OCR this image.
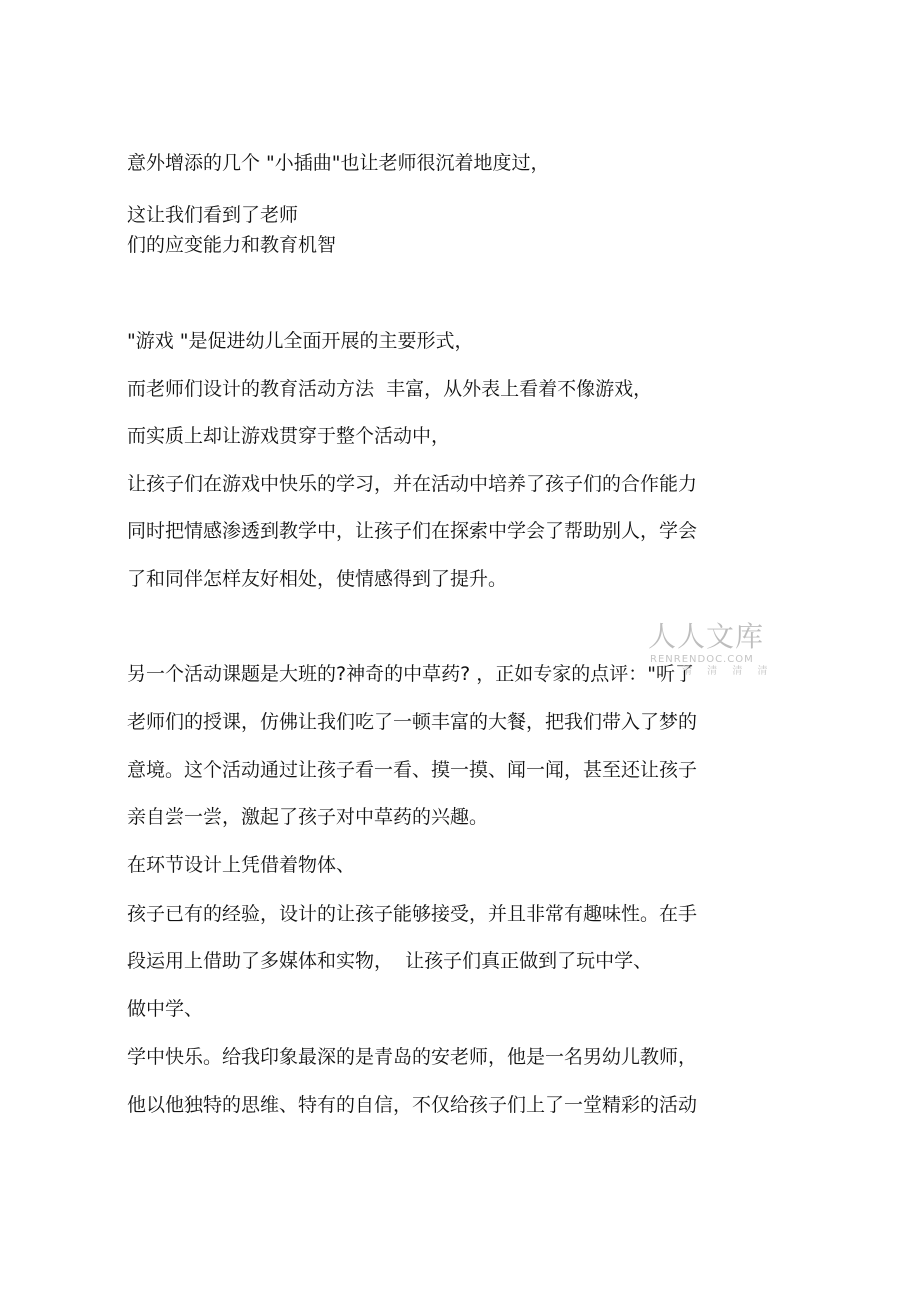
意外增添的几个 "小插曲"也让老师很沉着地度过，

这让我们看到了老师

们的应变能力和教育机智

"游戏 "是促进幼儿全面开展的主要形式，

而老师们设计的教育活动方法  丰富，从外表上看着不像游戏，

而实质上却让游戏贯穿于整个活动中，

让孩子们在游戏中快乐的学习，并在活动中培养了孩子们的合作能力

同时把情感渗透到教学中，让孩子们在探索中学会了帮助别人，学会

了和同伴怎样友好相处，使情感得到了提升。

另一个活动课题是大班的?神奇的中草药? ，正如专家的点评："听了

老师们的授课，仿佛让我们吃了一顿丰富的大餐，把我们带入了梦的

意境。这个活动通过让孩子看一看、摸一摸、闻一闻，甚至还让孩子

亲自尝一尝，激起了孩子对中草药的兴趣。

在环节设计上凭借着物体、

孩子已有的经验，设计的让孩子能够接受，并且非常有趣味性。在手

段运用上借助了多媒体和实物，  让孩子们真正做到了玩中学、

做中学、

学中快乐。给我印象最深的是青岛的安老师，他是一名男幼儿教师，

他以他独特的思维、特有的自信，不仅给孩子们上了一堂精彩的活动

人人文库
RENRENDOC.COM
清 清 清 清
